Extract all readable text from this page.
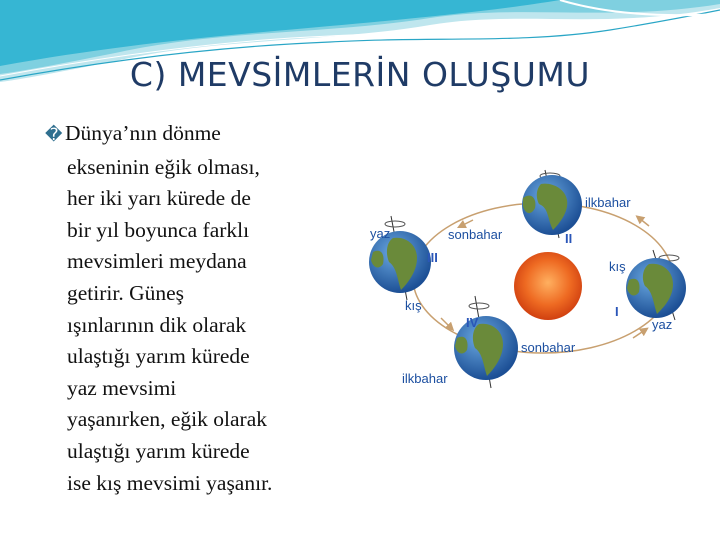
C) MEVSİMLERİN OLUŞUMU
� Dünya’nın dönme
ekseninin eğik olması,
her iki yarı kürede de
bir yıl boyunca farklı
mevsimleri meydana
getirir. Güneş
ışınlarının dik olarak
ulaştığı yarım kürede
yaz mevsimi
yaşanırken, eğik olarak
ulaştığı yarım kürede
ise kış mevsimi yaşanır.
ilkbahar
yaz	sonbahar
kış
yaz
kış
sonbahar
ilkbahar
I
II
III
IV
